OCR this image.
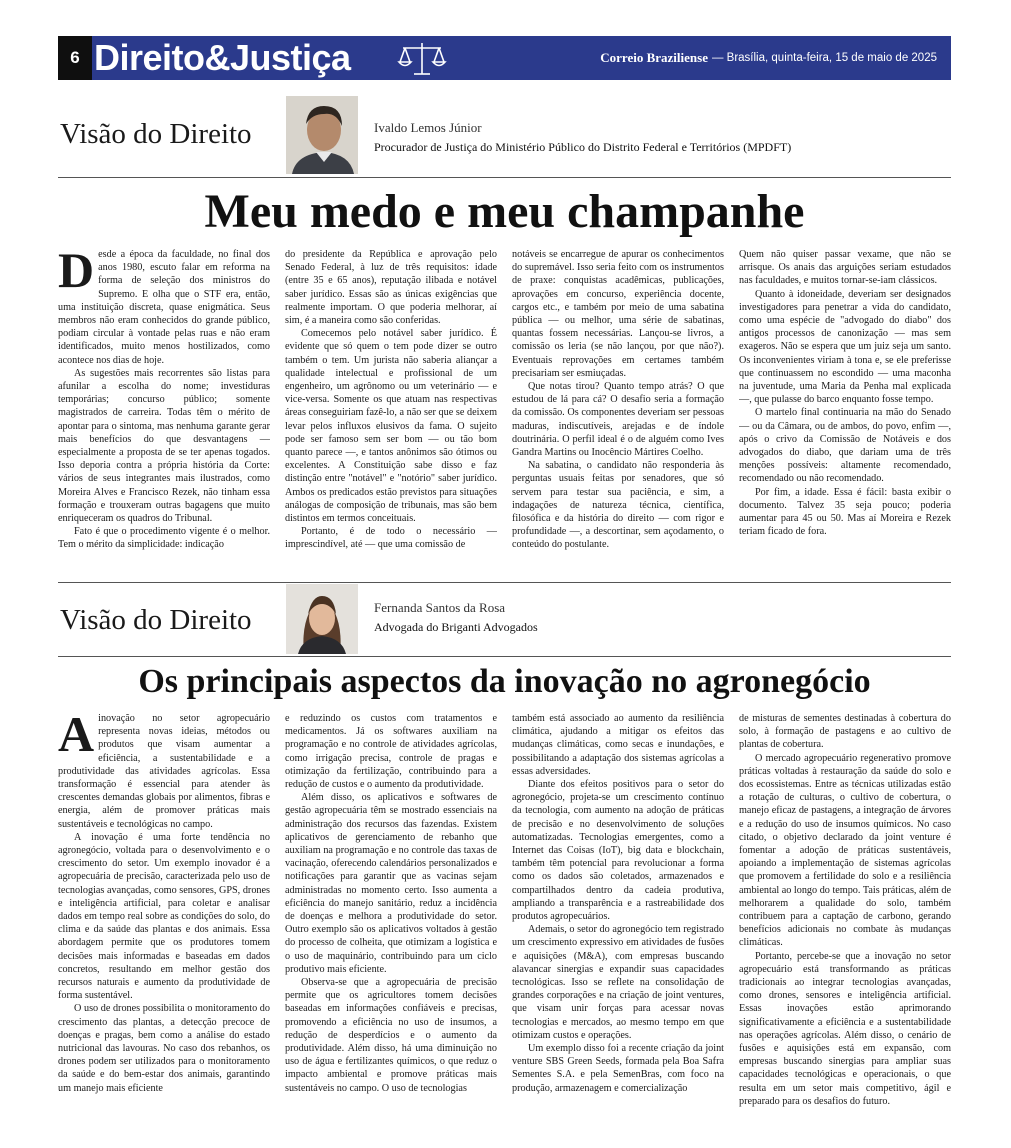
6 Direito&Justiça	Correio Braziliense — Brasília, quinta-feira, 15 de maio de 2025
Visão do Direito	Ivaldo Lemos Júnior
Procurador de Justiça do Ministério Público do Distrito Federal e Territórios (MPDFT)
Meu medo e meu champanhe

Desde a época da faculdade, no final dos anos 1980, escuto falar em reforma na forma de seleção dos ministros do Supremo. E olha que o STF era, então, uma instituição discreta, quase enigmática. Seus membros não eram conhecidos do grande público, podiam circular à vontade pelas ruas e não eram identificados, muito menos hostilizados, como acontece nos dias de hoje.

As sugestões mais recorrentes são listas para afunilar a escolha do nome; investiduras temporárias; concurso público; somente magistrados de carreira. Todas têm o mérito de apontar para o sintoma, mas nenhuma garante gerar mais benefícios do que desvantagens — especialmente a proposta de se ter apenas togados. Isso deporia contra a própria história da Corte: vários de seus integrantes mais ilustrados, como Moreira Alves e Francisco Rezek, não tinham essa formação e trouxeram outras bagagens que muito enriqueceram os quadros do Tribunal.

Fato é que o procedimento vigente é o melhor. Tem o mérito da simplicidade: indicação

do presidente da República e aprovação pelo Senado Federal, à luz de três requisitos: idade (entre 35 e 65 anos), reputação ilibada e notável saber jurídico. Essas são as únicas exigências que realmente importam. O que poderia melhorar, aí sim, é a maneira como são conferidas.

Comecemos pelo notável saber jurídico. É evidente que só quem o tem pode dizer se outro também o tem. Um jurista não saberia aliançar a qualidade intelectual e profissional de um engenheiro, um agrônomo ou um veterinário — e vice-versa. Somente os que atuam nas respectivas áreas conseguiriam fazê-lo, a não ser que se deixem levar pelos influxos elusivos da fama. O sujeito pode ser famoso sem ser bom — ou tão bom quanto parece —, e tantos anônimos são ótimos ou excelentes. A Constituição sabe disso e faz distinção entre "notável" e "notório" saber jurídico. Ambos os predicados estão previstos para situações análogas de composição de tribunais, mas são bem distintos em termos conceituais.

Portanto, é de todo o necessário — imprescindível, até — que uma comissão de

notáveis se encarregue de apurar os conhecimentos do supremável. Isso seria feito com os instrumentos de praxe: conquistas acadêmicas, publicações, aprovações em concurso, experiência docente, cargos etc., e também por meio de uma sabatina pública — ou melhor, uma série de sabatinas, quantas fossem necessárias. Lançou-se livros, a comissão os leria (se não lançou, por que não?). Eventuais reprovações em certames também precisariam ser esmiuçadas.

Que notas tirou? Quanto tempo atrás? O que estudou de lá para cá? O desafio seria a formação da comissão. Os componentes deveriam ser pessoas maduras, indiscutíveis, arejadas e de índole doutrinária. O perfil ideal é o de alguém como Ives Gandra Martins ou Inocêncio Mártires Coelho.

Na sabatina, o candidato não responderia às perguntas usuais feitas por senadores, que só servem para testar sua paciência, e sim, a indagações de natureza técnica, científica, filosófica e da história do direito — com rigor e profundidade —, a descortinar, sem açodamento, o conteúdo do postulante.

Quem não quiser passar vexame, que não se arrisque. Os anais das arguições seriam estudados nas faculdades, e muitos tornar-se-iam clássicos.

Quanto à idoneidade, deveriam ser designados investigadores para penetrar a vida do candidato, como uma espécie de "advogado do diabo" dos antigos processos de canonização — mas sem exageros. Não se espera que um juiz seja um santo. Os inconvenientes viriam à tona e, se ele preferisse que continuassem no escondido — uma maconha na juventude, uma Maria da Penha mal explicada —, que pulasse do barco enquanto fosse tempo.

O martelo final continuaria na mão do Senado — ou da Câmara, ou de ambos, do povo, enfim —, após o crivo da Comissão de Notáveis e dos advogados do diabo, que dariam uma de três menções possíveis: altamente recomendado, recomendado ou não recomendado.

Por fim, a idade. Essa é fácil: basta exibir o documento. Talvez 35 seja pouco; poderia aumentar para 45 ou 50. Mas aí Moreira e Rezek teriam ficado de fora.

Visão do Direito	Fernanda Santos da Rosa
Advogada do Briganti Advogados
Os principais aspectos da inovação no agronegócio

Ainovação no setor agropecuário representa novas ideias, métodos ou produtos que visam aumentar a eficiência, a sustentabilidade e a produtividade das atividades agrícolas. Essa transformação é essencial para atender às crescentes demandas globais por alimentos, fibras e energia, além de promover práticas mais sustentáveis e tecnológicas no campo.

A inovação é uma forte tendência no agronegócio, voltada para o desenvolvimento e o crescimento do setor. Um exemplo inovador é a agropecuária de precisão, caracterizada pelo uso de tecnologias avançadas, como sensores, GPS, drones e inteligência artificial, para coletar e analisar dados em tempo real sobre as condições do solo, do clima e da saúde das plantas e dos animais. Essa abordagem permite que os produtores tomem decisões mais informadas e baseadas em dados concretos, resultando em melhor gestão dos recursos naturais e aumento da produtividade de forma sustentável.

O uso de drones possibilita o monitoramento do crescimento das plantas, a detecção precoce de doenças e pragas, bem como a análise do estado nutricional das lavouras. No caso dos rebanhos, os drones podem ser utilizados para o monitoramento da saúde e do bem-estar dos animais, garantindo um manejo mais eficiente

e reduzindo os custos com tratamentos e medicamentos. Já os softwares auxiliam na programação e no controle de atividades agrícolas, como irrigação precisa, controle de pragas e otimização da fertilização, contribuindo para a redução de custos e o aumento da produtividade.

Além disso, os aplicativos e softwares de gestão agropecuária têm se mostrado essenciais na administração dos recursos das fazendas. Existem aplicativos de gerenciamento de rebanho que auxiliam na programação e no controle das taxas de vacinação, oferecendo calendários personalizados e notificações para garantir que as vacinas sejam administradas no momento certo. Isso aumenta a eficiência do manejo sanitário, reduz a incidência de doenças e melhora a produtividade do setor. Outro exemplo são os aplicativos voltados à gestão do processo de colheita, que otimizam a logística e o uso de maquinário, contribuindo para um ciclo produtivo mais eficiente.

Observa-se que a agropecuária de precisão permite que os agricultores tomem decisões baseadas em informações confiáveis e precisas, promovendo a eficiência no uso de insumos, a redução de desperdícios e o aumento da produtividade. Além disso, há uma diminuição no uso de água e fertilizantes químicos, o que reduz o impacto ambiental e promove práticas mais sustentáveis no campo. O uso de tecnologias

também está associado ao aumento da resiliência climática, ajudando a mitigar os efeitos das mudanças climáticas, como secas e inundações, e possibilitando a adaptação dos sistemas agrícolas a essas adversidades.

Diante dos efeitos positivos para o setor do agronegócio, projeta-se um crescimento contínuo da tecnologia, com aumento na adoção de práticas de precisão e no desenvolvimento de soluções automatizadas. Tecnologias emergentes, como a Internet das Coisas (IoT), big data e blockchain, também têm potencial para revolucionar a forma como os dados são coletados, armazenados e compartilhados dentro da cadeia produtiva, ampliando a transparência e a rastreabilidade dos produtos agropecuários.

Ademais, o setor do agronegócio tem registrado um crescimento expressivo em atividades de fusões e aquisições (M&A), com empresas buscando alavancar sinergias e expandir suas capacidades tecnológicas. Isso se reflete na consolidação de grandes corporações e na criação de joint ventures, que visam unir forças para acessar novas tecnologias e mercados, ao mesmo tempo em que otimizam custos e operações.

Um exemplo disso foi a recente criação da joint venture SBS Green Seeds, formada pela Boa Safra Sementes S.A. e pela SemenBras, com foco na produção, armazenagem e comercialização

de misturas de sementes destinadas à cobertura do solo, à formação de pastagens e ao cultivo de plantas de cobertura.

O mercado agropecuário regenerativo promove práticas voltadas à restauração da saúde do solo e dos ecossistemas. Entre as técnicas utilizadas estão a rotação de culturas, o cultivo de cobertura, o manejo eficaz de pastagens, a integração de árvores e a redução do uso de insumos químicos. No caso citado, o objetivo declarado da joint venture é fomentar a adoção de práticas sustentáveis, apoiando a implementação de sistemas agrícolas que promovem a fertilidade do solo e a resiliência ambiental ao longo do tempo. Tais práticas, além de melhorarem a qualidade do solo, também contribuem para a captação de carbono, gerando benefícios adicionais no combate às mudanças climáticas.

Portanto, percebe-se que a inovação no setor agropecuário está transformando as práticas tradicionais ao integrar tecnologias avançadas, como drones, sensores e inteligência artificial. Essas inovações estão aprimorando significativamente a eficiência e a sustentabilidade nas operações agrícolas. Além disso, o cenário de fusões e aquisições está em expansão, com empresas buscando sinergias para ampliar suas capacidades tecnológicas e operacionais, o que resulta em um setor mais competitivo, ágil e preparado para os desafios do futuro.
